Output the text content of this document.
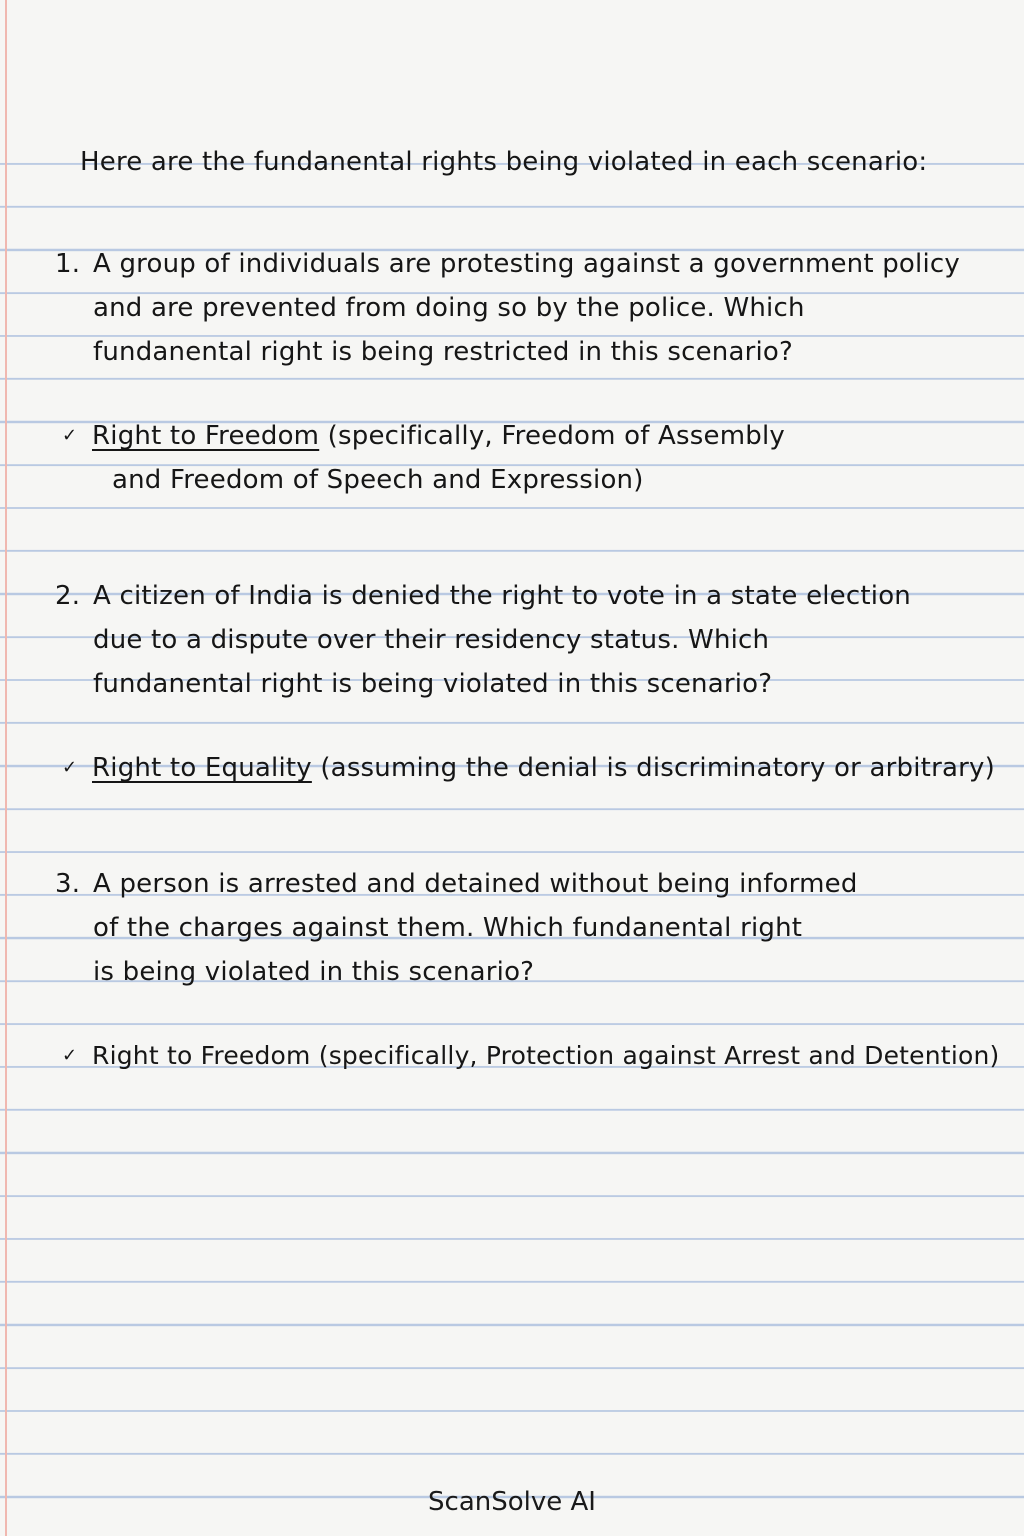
Here are the fundanental rights being violated in each scenario:

1. A group of individuals are protesting against a government policy
and are prevented from doing so by the police. Which
fundanental right is being restricted in this scenario?
✓ Right to Freedom (specifically, Freedom of Assembly
and Freedom of Speech and Expression)
2. A citizen of India is denied the right to vote in a state election
due to a dispute over their residency status. Which
fundanental right is being violated in this scenario?
✓ Right to Equality (assuming the denial is discriminatory or arbitrary)
3. A person is arrested and detained without being informed
of the charges against them. Which fundanental right
is being violated in this scenario?
✓ Right to Freedom (specifically, Protection against Arrest and Detention)
ScanSolve AI
